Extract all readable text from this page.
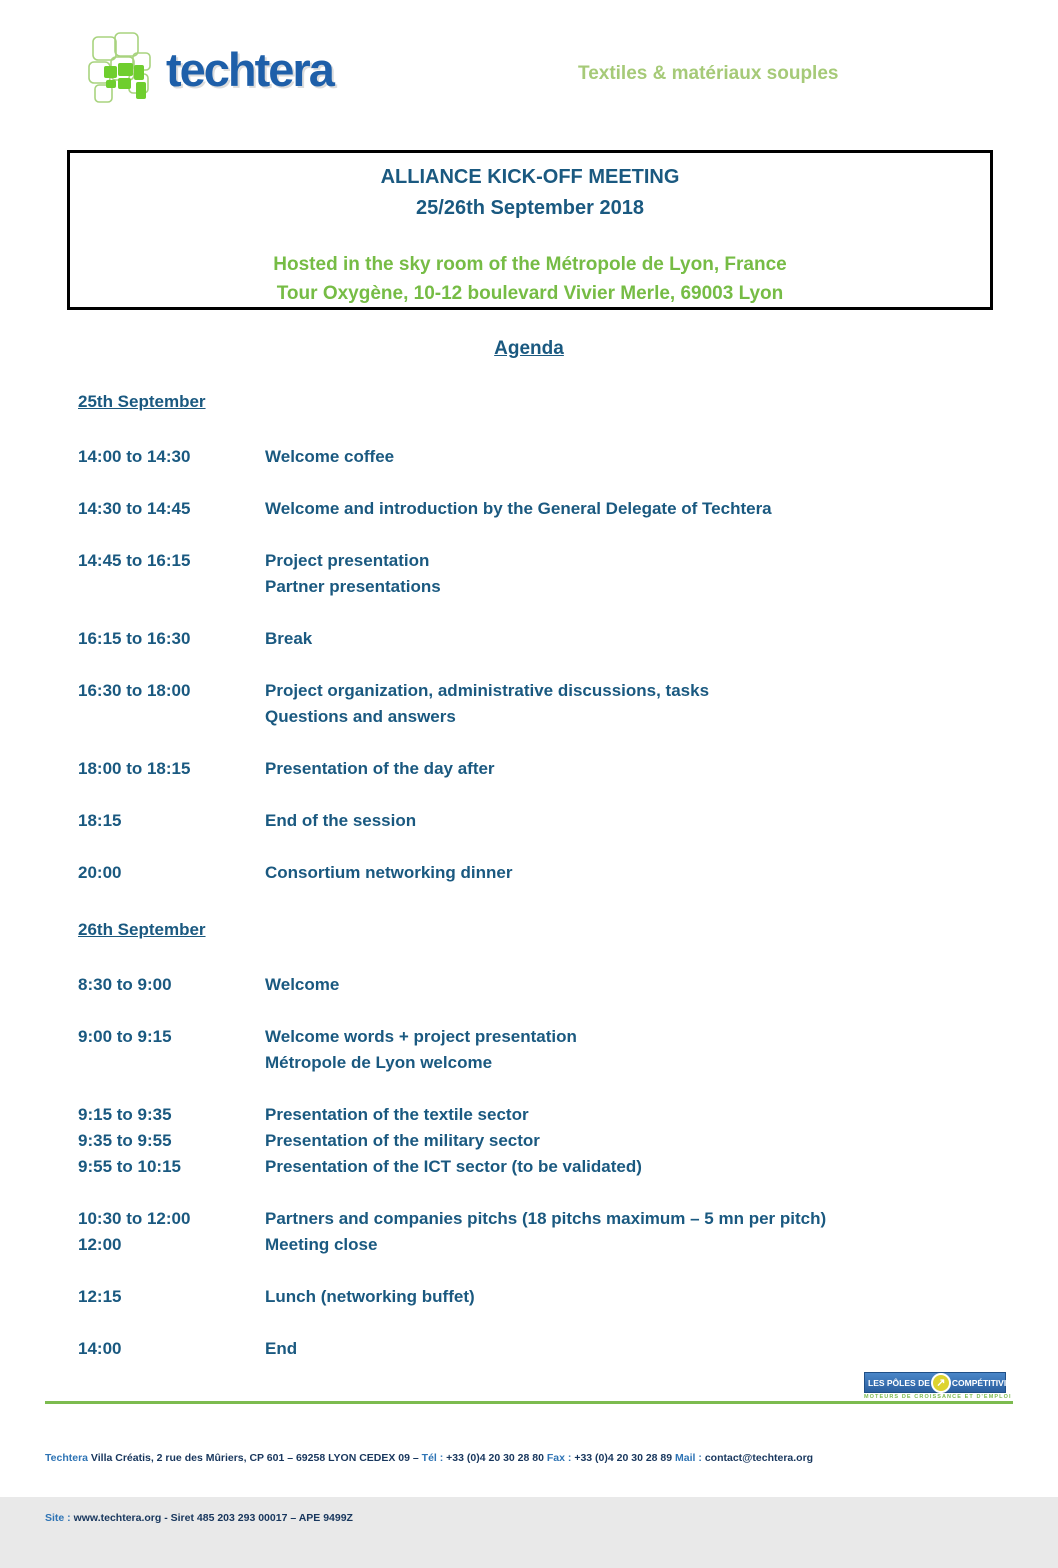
techtera	Textiles & matériaux souples
ALLIANCE KICK-OFF MEETING
25/26th September 2018
Hosted in the sky room of the Métropole de Lyon, France
Tour Oxygène, 10-12 boulevard Vivier Merle, 69003 Lyon
Agenda
25th September
14:00 to 14:30	Welcome coffee
14:30 to 14:45	Welcome and introduction by the General Delegate of Techtera
14:45 to 16:15	Project presentation
Partner presentations
16:15 to 16:30	Break
16:30 to 18:00	Project organization, administrative discussions, tasks
Questions and answers
18:00 to 18:15	Presentation of the day after
18:15	End of the session
20:00	Consortium networking dinner
26th September
8:30 to 9:00	Welcome
9:00 to 9:15	Welcome words + project presentation
Métropole de Lyon welcome
9:15 to 9:35	Presentation of the textile sector
9:35 to 9:55	Presentation of the military sector
9:55 to 10:15	Presentation of the ICT sector (to be validated)
10:30 to 12:00	Partners and companies pitchs (18 pitchs maximum – 5 mn per pitch)
12:00	Meeting close
12:15	Lunch (networking buffet)
14:00	End
LES PÔLES DE ↗ COMPÉTITIVITÉ
MOTEURS DE CROISSANCE ET D'EMPLOI

Techtera Villa Créatis, 2 rue des Mûriers, CP 601 – 69258 LYON CEDEX 09 – Tél : +33 (0)4 20 30 28 80 Fax : +33 (0)4 20 30 28 89 Mail : contact@techtera.org

Site : www.techtera.org - Siret 485 203 293 00017 – APE 9499Z
